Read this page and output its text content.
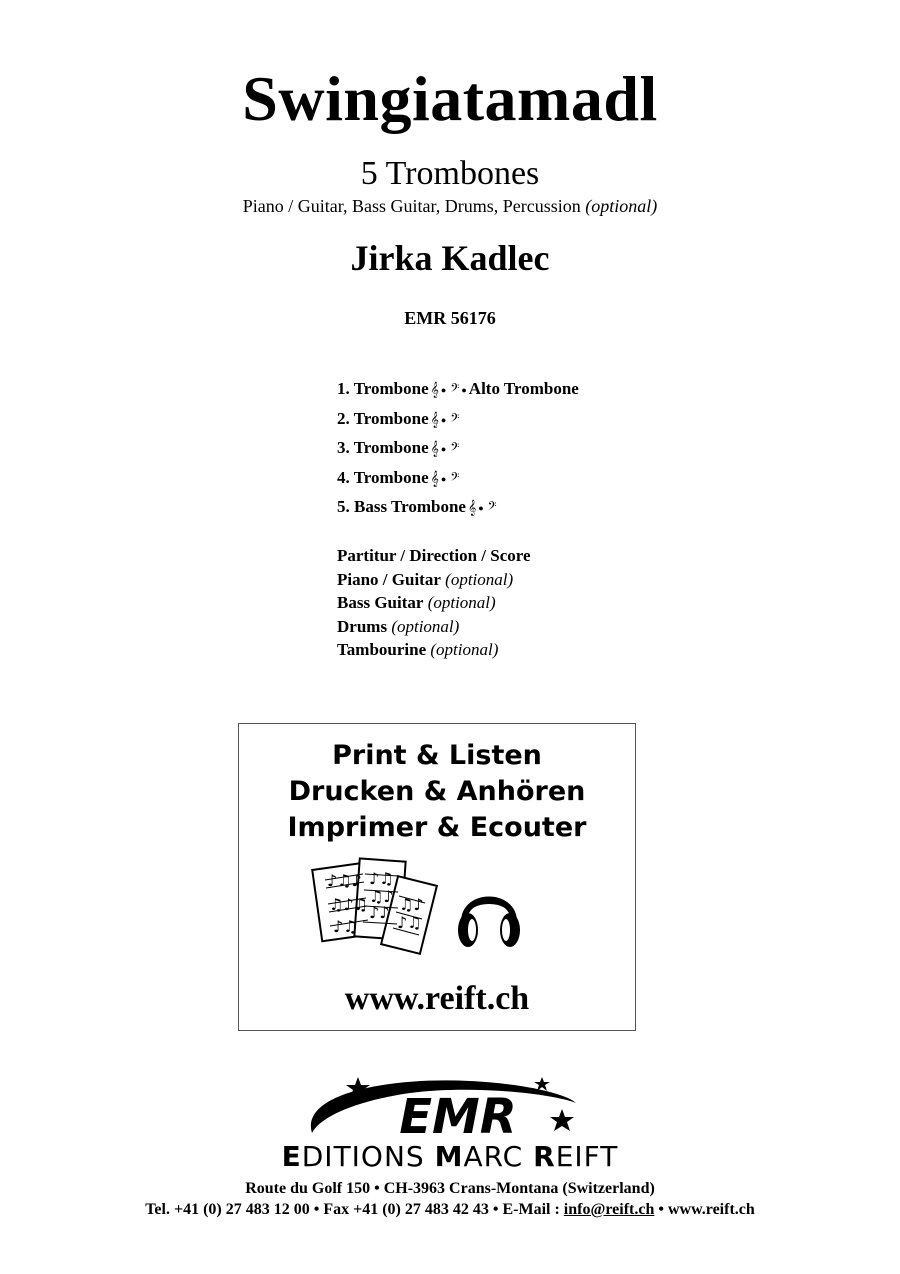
Swingiatamadl
5 Trombones
Piano / Guitar, Bass Guitar, Drums, Percussion (optional)
Jirka Kadlec
EMR 56176
1. Trombone 𝄞 ● 𝄢 ● Alto Trombone
2. Trombone 𝄞 ● 𝄢
3. Trombone 𝄞 ● 𝄢
4. Trombone 𝄞 ● 𝄢
5. Bass Trombone 𝄞 ● 𝄢
Partitur / Direction / Score
Piano / Guitar (optional)
Bass Guitar (optional)
Drums (optional)
Tambourine (optional)
Print & Listen
Drucken & Anhören
Imprimer & Ecouter
♪♫♪
♫♪♫
♪♫
♪♫
♫♪
♪♪ ♫♪
♪♫
www.reift.ch
EMR
EDITIONS MARC REIFT
Route du Golf 150 • CH-3963 Crans-Montana (Switzerland)
Tel. +41 (0) 27 483 12 00 • Fax +41 (0) 27 483 42 43 • E-Mail : info@reift.ch • www.reift.ch
